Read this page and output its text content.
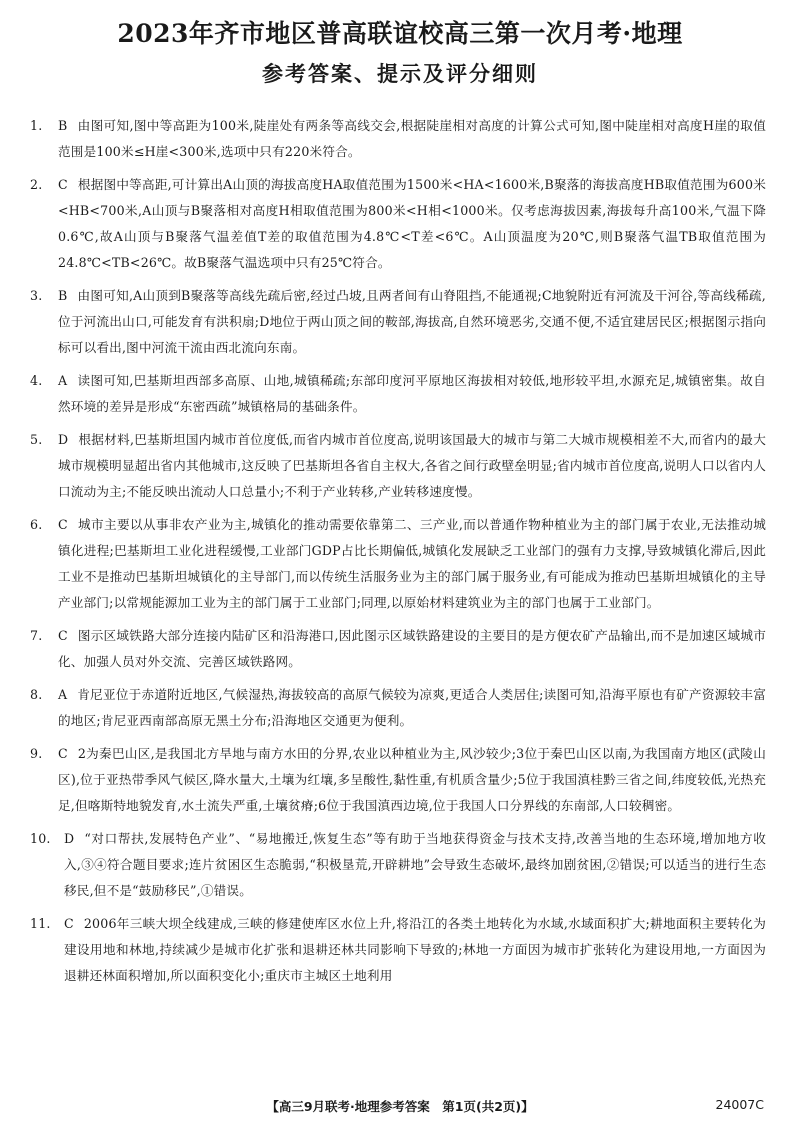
2023年齐市地区普高联谊校高三第一次月考·地理
参考答案、提示及评分细则
1. B 由图可知,图中等高距为100米,陡崖处有两条等高线交会,根据陡崖相对高度的计算公式可知,图中陡崖相对高度H崖的取值范围是100米≤H崖<300米,选项中只有220米符合。
2. C 根据图中等高距,可计算出A山顶的海拔高度HA取值范围为1500米<HA<1600米,B聚落的海拔高度HB取值范围为600米<HB<700米,A山顶与B聚落相对高度H相取值范围为800米<H相<1000米。仅考虑海拔因素,海拔每升高100米,气温下降0.6℃,故A山顶与B聚落气温差值T差的取值范围为4.8℃<T差<6℃。A山顶温度为20℃,则B聚落气温TB取值范围为24.8℃<TB<26℃。故B聚落气温选项中只有25℃符合。
3. B 由图可知,A山顶到B聚落等高线先疏后密,经过凸坡,且两者间有山脊阻挡,不能通视;C地貌附近有河流及干河谷,等高线稀疏,位于河流出山口,可能发育有洪积扇;D地位于两山顶之间的鞍部,海拔高,自然环境恶劣,交通不便,不适宜建居民区;根据图示指向标可以看出,图中河流干流由西北流向东南。
4. A 读图可知,巴基斯坦西部多高原、山地,城镇稀疏;东部印度河平原地区海拔相对较低,地形较平坦,水源充足,城镇密集。故自然环境的差异是形成“东密西疏”城镇格局的基础条件。
5. D 根据材料,巴基斯坦国内城市首位度低,而省内城市首位度高,说明该国最大的城市与第二大城市规模相差不大,而省内的最大城市规模明显超出省内其他城市,这反映了巴基斯坦各省自主权大,各省之间行政壁垒明显;省内城市首位度高,说明人口以省内人口流动为主;不能反映出流动人口总量小;不利于产业转移,产业转移速度慢。
6. C 城市主要以从事非农产业为主,城镇化的推动需要依靠第二、三产业,而以普通作物种植业为主的部门属于农业,无法推动城镇化进程;巴基斯坦工业化进程缓慢,工业部门GDP占比长期偏低,城镇化发展缺乏工业部门的强有力支撑,导致城镇化滞后,因此工业不是推动巴基斯坦城镇化的主导部门,而以传统生活服务业为主的部门属于服务业,有可能成为推动巴基斯坦城镇化的主导产业部门;以常规能源加工业为主的部门属于工业部门;同理,以原始材料建筑业为主的部门也属于工业部门。
7. C 图示区域铁路大部分连接内陆矿区和沿海港口,因此图示区域铁路建设的主要目的是方便农矿产品输出,而不是加速区域城市化、加强人员对外交流、完善区域铁路网。
8. A 肯尼亚位于赤道附近地区,气候湿热,海拔较高的高原气候较为凉爽,更适合人类居住;读图可知,沿海平原也有矿产资源较丰富的地区;肯尼亚西南部高原无黑土分布;沿海地区交通更为便利。
9. C 2为秦巴山区,是我国北方旱地与南方水田的分界,农业以种植业为主,风沙较少;3位于秦巴山区以南,为我国南方地区(武陵山区),位于亚热带季风气候区,降水量大,土壤为红壤,多呈酸性,黏性重,有机质含量少;5位于我国滇桂黔三省之间,纬度较低,光热充足,但喀斯特地貌发育,水土流失严重,土壤贫瘠;6位于我国滇西边境,位于我国人口分界线的东南部,人口较稠密。
10. D “对口帮扶,发展特色产业”、“易地搬迁,恢复生态”等有助于当地获得资金与技术支持,改善当地的生态环境,增加地方收入,③④符合题目要求;连片贫困区生态脆弱,“积极垦荒,开辟耕地”会导致生态破坏,最终加剧贫困,②错误;可以适当的进行生态移民,但不是“鼓励移民”,①错误。
11. C 2006年三峡大坝全线建成,三峡的修建使库区水位上升,将沿江的各类土地转化为水域,水域面积扩大;耕地面积主要转化为建设用地和林地,持续减少是城市化扩张和退耕还林共同影响下导致的;林地一方面因为城市扩张转化为建设用地,一方面因为退耕还林面积增加,所以面积变化小;重庆市主城区土地利用
【高三9月联考·地理参考答案　第1页(共2页)】	24007C
